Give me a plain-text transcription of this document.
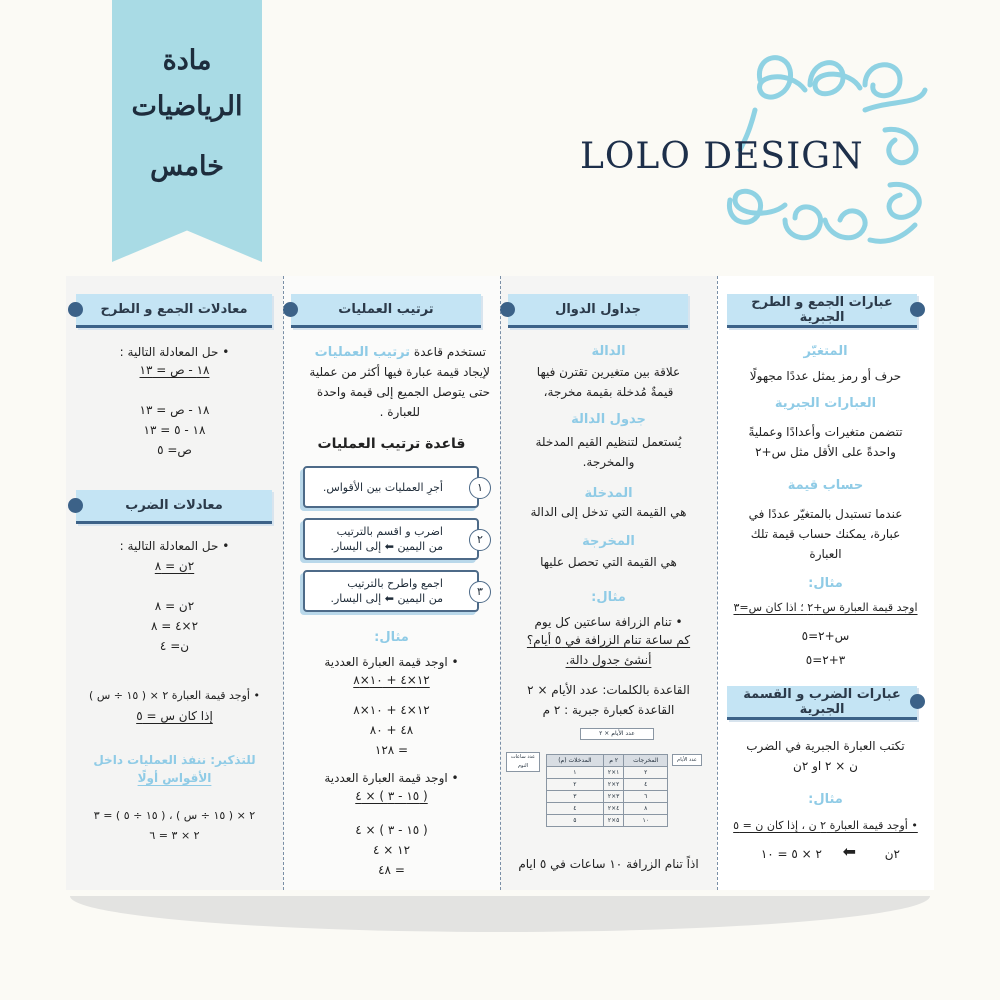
مادة
الرياضيات
خامس	LOLO DESIGN
عبارات الجمع و الطرح الجبرية
المتغيّر
حرف أو رمز يمثل عددًا مجهولًا
العبارات الجبرية
تتضمن متغيرات وأعدادًا وعمليةً
واحدةً على الأقل مثل س+٢
حساب قيمة
عندما تستبدل بالمتغيّر عددًا في
عبارة، يمكنك حساب قيمة تلك
العبارة
مثال:
اوجد قيمة العبارة س+٢ ؛ اذا كان س=٣
س+٢=٥
٣+٢=٥
عبارات الضرب و القسمة الجبرية
تكتب العبارة الجبرية في الضرب
ن × ٢ او ٢ن
مثال:
• أوجد قيمة العبارة ٢ ن ، إذا كان ن = ٥
٢ن
⬅
٢ × ٥ = ١٠
جداول الدوال
الدالة
علاقة بين متغيرين تقترن فيها
قيمةٌ مُدخلة بقيمة مخرجة،
جدول الدالة
يُستعمل لتنظيم القيم المدخلة
والمخرجة.
المدخلة
هي القيمة التي تدخل إلى الدالة
المخرجة
هي القيمة التي تحصل عليها
مثال:
• تنام الزرافة ساعتين كل يوم
كم ساعة تنام الزرافة في ٥ أيام؟
أنشئ جدول دالة.
القاعدة بالكلمات: عدد الأيام × ٢
القاعدة كعبارة جبرية : ٢ م
عدد الأيام × ٢
عدد ساعات النوم
عدد الأيام
المخرجات	٢ م	المدخلات (م)
٢	١×٢	١
٤	٢×٢	٢
٦	٣×٢	٣
٨	٤×٢	٤
١٠	٥×٢	٥
اذاً تنام الزرافة ١٠ ساعات في ٥ ايام
ترتيب العمليات
تستخدم قاعدة ترتيب العمليات
لإيجاد قيمة عبارة فيها أكثر من عملية
حتى يتوصل الجميع إلى قيمة واحدة
للعبارة .
قاعدة ترتيب العمليات
أجرِ العمليات بين الأقواس.	١
اضرب و اقسم بالترتيب
من اليمين ⬅ إلى اليسار.
٢
اجمع واطرح بالترتيب
من اليمين ⬅ إلى اليسار.
٣
مثال:
• اوجد قيمة العبارة العددية
١٢×٤ + ١٠×٨
١٢×٤ + ١٠×٨
٤٨ + ٨٠
= ١٢٨
• اوجد قيمة العبارة العددية
( ١٥ - ٣ ) × ٤
( ١٥ - ٣ ) × ٤
١٢ × ٤
= ٤٨
معادلات الجمع و الطرح
• حل المعادلة التالية :
١٨ - ص = ١٣
١٨ - ص = ١٣
١٨ - ٥ = ١٣
ص= ٥
معادلات الضرب
• حل المعادلة التالية :
٢ن = ٨
٢ن = ٨
٢×٤ = ٨
ن= ٤
• أوجد قيمة العبارة ٢ × ( ١٥ ÷ س )
إذا كان س = ٥
للتذكير: ننفذ العمليات داخل
الأقواس أولًا
٢ × ( ١٥ ÷ س ) ، ( ١٥ ÷ ٥ ) = ٣
٢ × ٣ = ٦
